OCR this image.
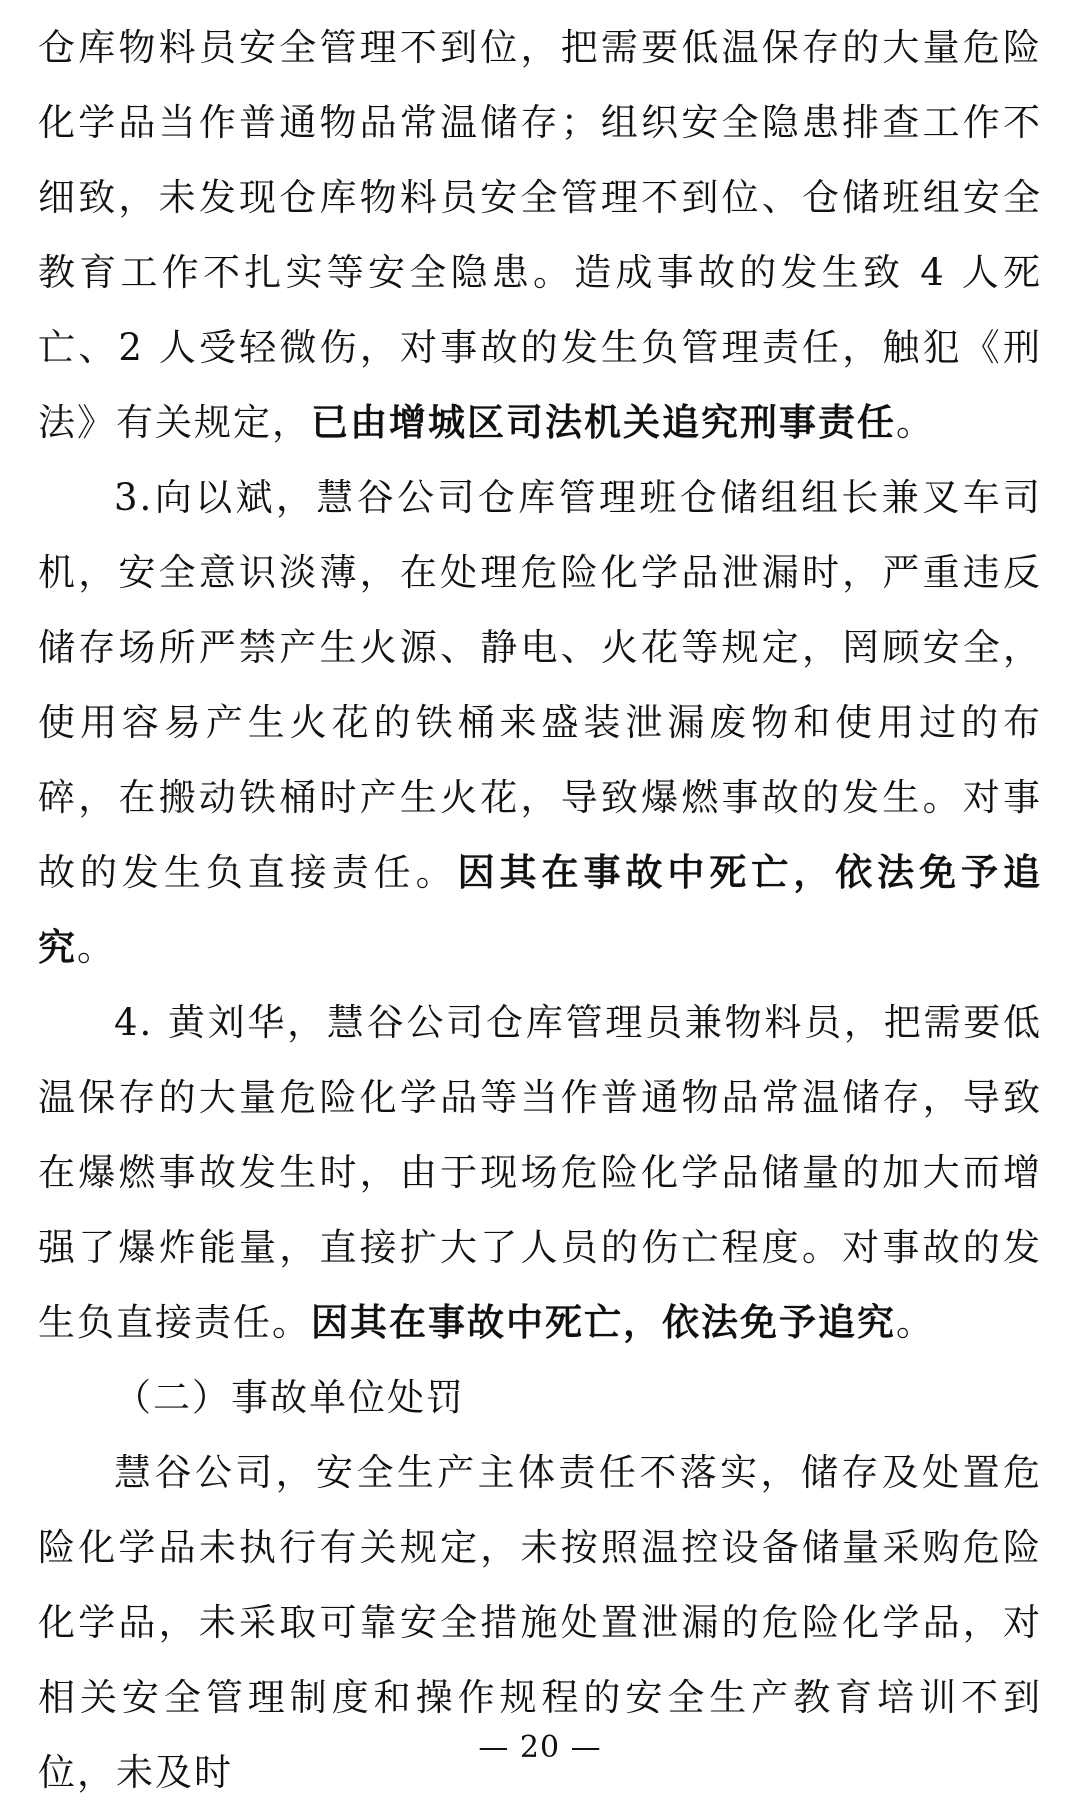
仓库物料员安全管理不到位，把需要低温保存的大量危险化学品当作普通物品常温储存；组织安全隐患排查工作不细致，未发现仓库物料员安全管理不到位、仓储班组安全教育工作不扎实等安全隐患。造成事故的发生致 4 人死亡、2 人受轻微伤，对事故的发生负管理责任，触犯《刑法》有关规定，已由增城区司法机关追究刑事责任。

3.向以斌，慧谷公司仓库管理班仓储组组长兼叉车司机，安全意识淡薄，在处理危险化学品泄漏时，严重违反储存场所严禁产生火源、静电、火花等规定，罔顾安全，使用容易产生火花的铁桶来盛装泄漏废物和使用过的布碎，在搬动铁桶时产生火花，导致爆燃事故的发生。对事故的发生负直接责任。因其在事故中死亡，依法免予追究。

4. 黄刘华，慧谷公司仓库管理员兼物料员，把需要低温保存的大量危险化学品等当作普通物品常温储存，导致在爆燃事故发生时，由于现场危险化学品储量的加大而增强了爆炸能量，直接扩大了人员的伤亡程度。对事故的发生负直接责任。因其在事故中死亡，依法免予追究。

（二）事故单位处罚

慧谷公司，安全生产主体责任不落实，储存及处置危险化学品未执行有关规定，未按照温控设备储量采购危险化学品，未采取可靠安全措施处置泄漏的危险化学品，对相关安全管理制度和操作规程的安全生产教育培训不到位，未及时

— 20 —
